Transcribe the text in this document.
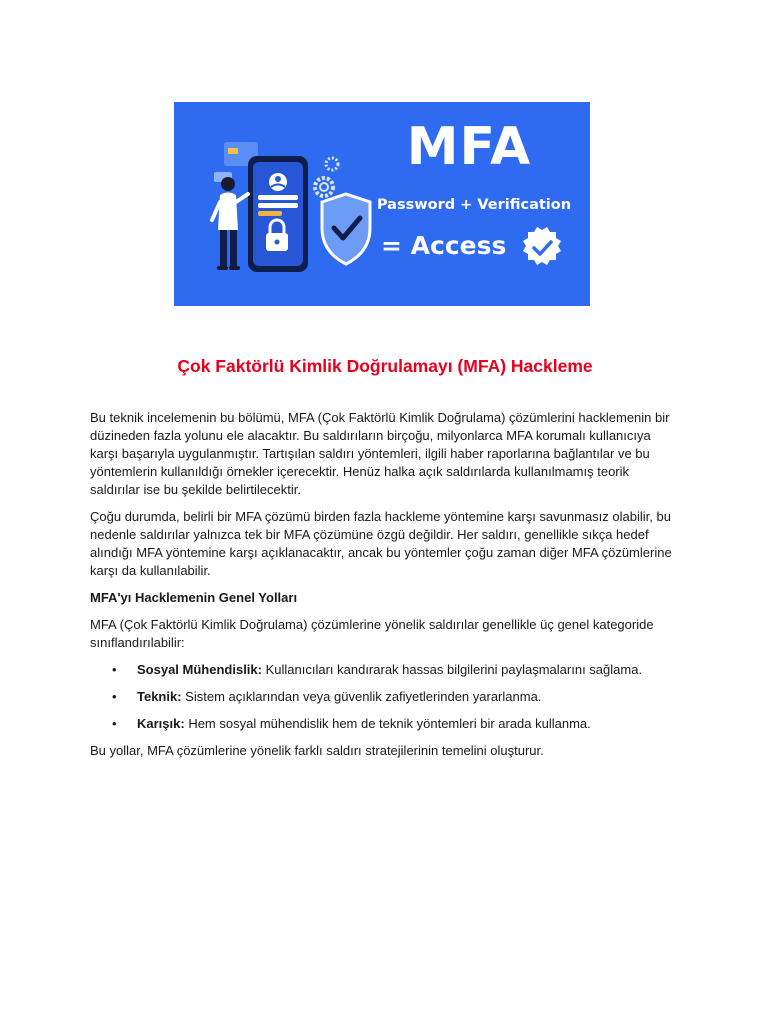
MFA
Password + Verification
= Access
Çok Faktörlü Kimlik Doğrulamayı (MFA) Hackleme

Bu teknik incelemenin bu bölümü, MFA (Çok Faktörlü Kimlik Doğrulama) çözümlerini hacklemenin bir düzineden fazla yolunu ele alacaktır. Bu saldırıların birçoğu, milyonlarca MFA korumalı kullanıcıya karşı başarıyla uygulanmıştır. Tartışılan saldırı yöntemleri, ilgili haber raporlarına bağlantılar ve bu yöntemlerin kullanıldığı örnekler içerecektir. Henüz halka açık saldırılarda kullanılmamış teorik saldırılar ise bu şekilde belirtilecektir.

Çoğu durumda, belirli bir MFA çözümü birden fazla hackleme yöntemine karşı savunmasız olabilir, bu nedenle saldırılar yalnızca tek bir MFA çözümüne özgü değildir. Her saldırı, genellikle sıkça hedef alındığı MFA yöntemine karşı açıklanacaktır, ancak bu yöntemler çoğu zaman diğer MFA çözümlerine karşı da kullanılabilir.

MFA'yı Hacklemenin Genel Yolları

MFA (Çok Faktörlü Kimlik Doğrulama) çözümlerine yönelik saldırılar genellikle üç genel kategoride sınıflandırılabilir:

• Sosyal Mühendislik: Kullanıcıları kandırarak hassas bilgilerini paylaşmalarını sağlama.
• Teknik: Sistem açıklarından veya güvenlik zafiyetlerinden yararlanma.
• Karışık: Hem sosyal mühendislik hem de teknik yöntemleri bir arada kullanma.

Bu yollar, MFA çözümlerine yönelik farklı saldırı stratejilerinin temelini oluşturur.
